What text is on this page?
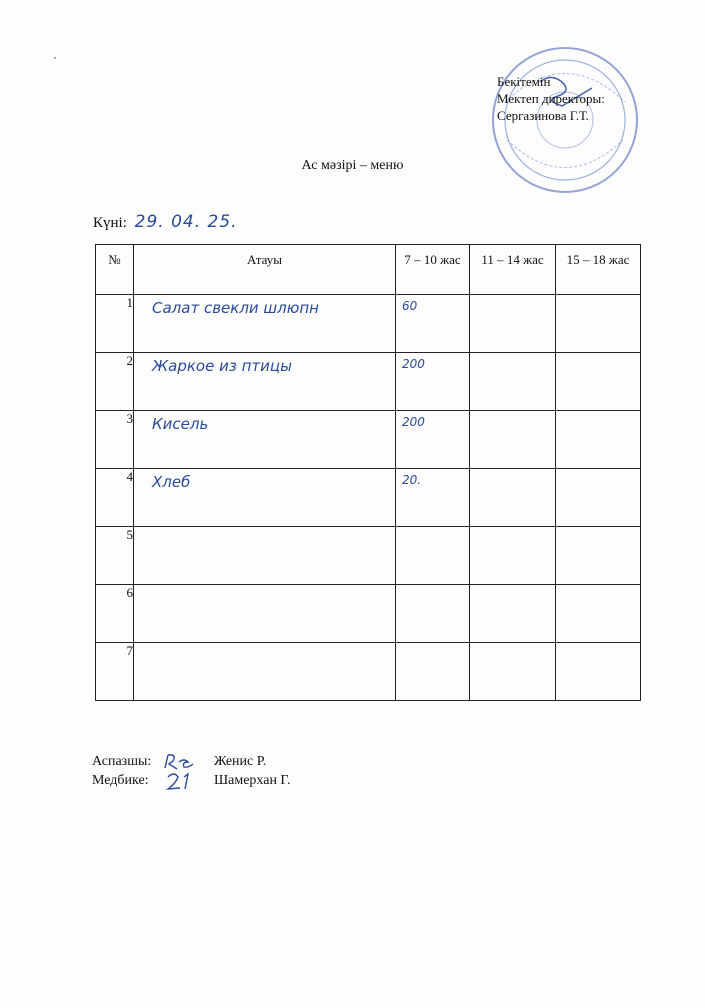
Бекітемін
Мектеп директоры:
Сергазинова Г.Т.
Ас мәзірі – меню
Күні: 29. 04. 25.
№	Атауы	7 – 10 жас	11 – 14 жас	15 – 18 жас
1	Салат свекли шлюпн	60		

2	Жаркое из птицы	200		

3	Кисель	200		

4	Хлеб	20.		

5	

6	

7	

Аспазшы:	Женис Р.
Медбике:	Шамерхан Г.
